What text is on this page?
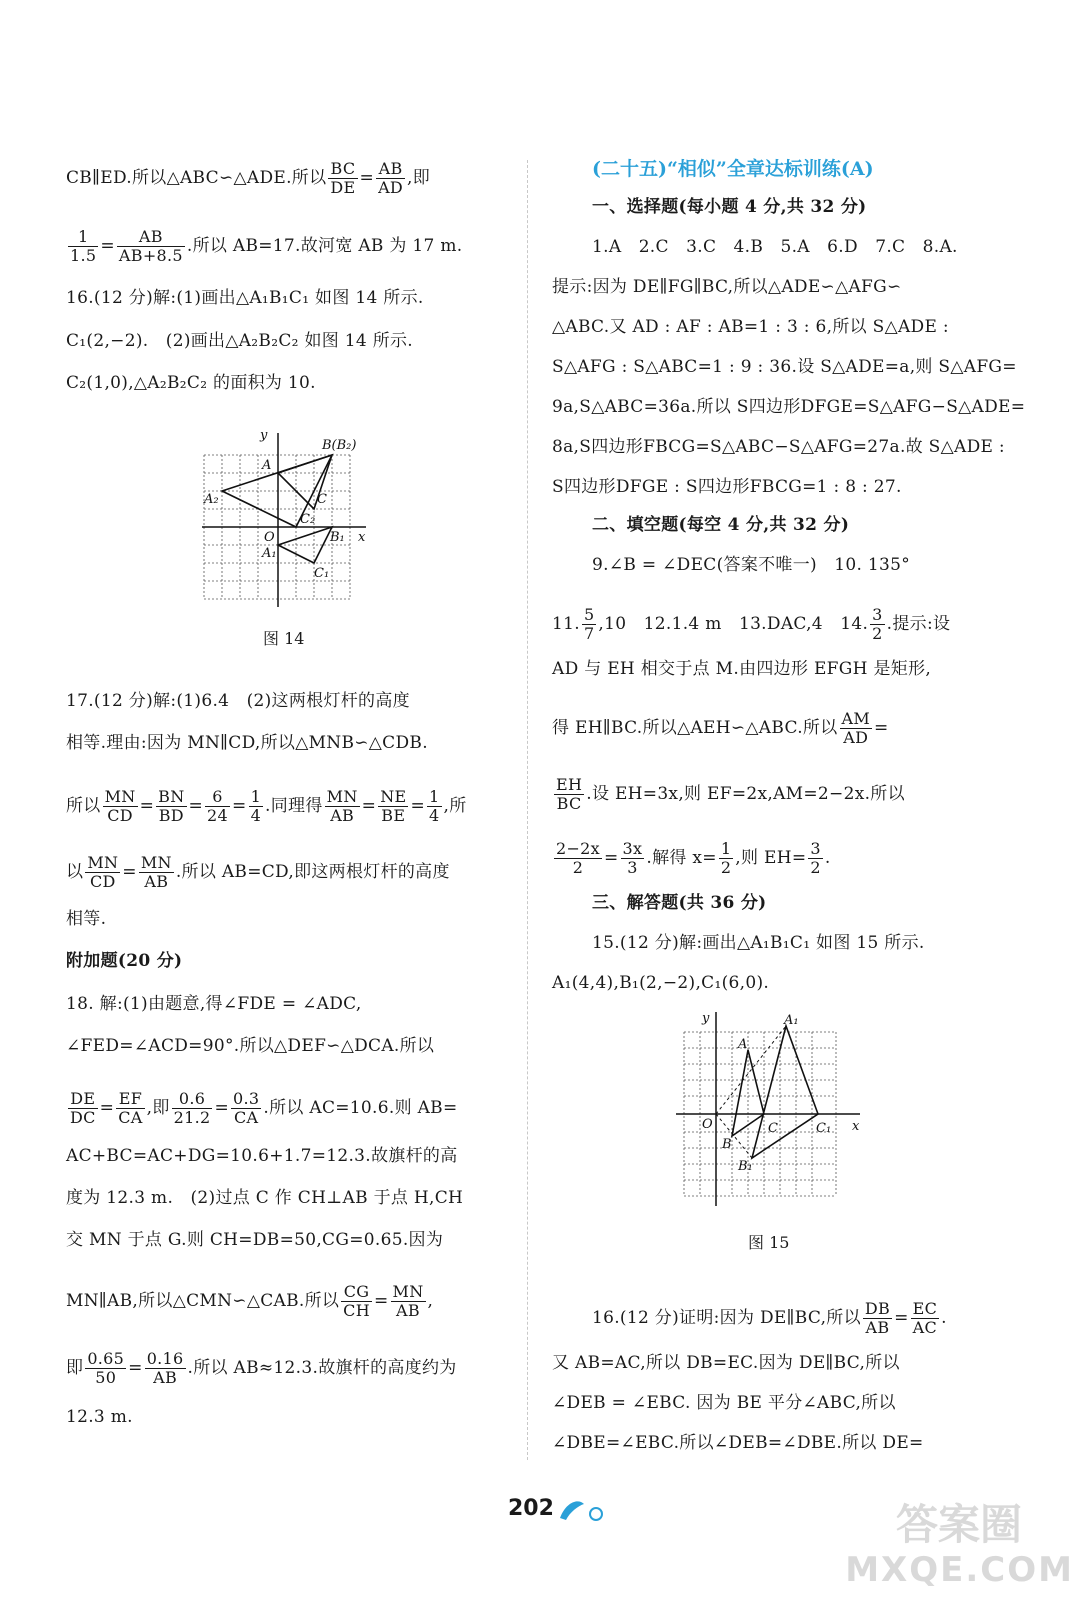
CB∥ED.所以△ABC∽△ADE.所以 $\frac{BC}{DE} = \frac{AB}{AD}$ ,即
$\frac{1}{1.5} = \frac{AB}{AB+8.5}$ .所以 AB=17.故河宽 AB 为 17 m.
16.(12 分)解:(1)画出△A₁B₁C₁ 如图 14 所示.
C₁(2,−2).　(2)画出△A₂B₂C₂ 如图 14 所示.
C₂(1,0),△A₂B₂C₂ 的面积为 10.
y
x
O
B(B₂)
A
A₂	C
C₂
A₁
B₁
C₁
图 14
17.(12 分)解:(1)6.4　(2)这两根灯杆的高度
相等.理由:因为 MN∥CD,所以△MNB∽△CDB.
所以 $\frac{MN}{CD} = \frac{BN}{BD} = \frac{6}{24} = \frac{1}{4}$ .同理得 $\frac{MN}{AB} = \frac{NE}{BE} = \frac{1}{4}$ ,所
以 $\frac{MN}{CD} = \frac{MN}{AB}$ .所以 AB=CD,即这两根灯杆的高度
相等.
附加题(20 分)
18. 解:(1)由题意,得∠FDE = ∠ADC,
∠FED=∠ACD=90°.所以△DEF∽△DCA.所以
$\frac{DE}{DC} = \frac{EF}{CA}$ ,即 $\frac{0.6}{21.2} = \frac{0.3}{CA}$ .所以 AC=10.6.则 AB=
AC+BC=AC+DG=10.6+1.7=12.3.故旗杆的高
度为 12.3 m.　(2)过点 C 作 CH⊥AB 于点 H,CH
交 MN 于点 G.则 CH=DB=50,CG=0.65.因为
MN∥AB,所以△CMN∽△CAB.所以 $\frac{CG}{CH} = \frac{MN}{AB}$ ,
即 $\frac{0.65}{50} = \frac{0.16}{AB}$ .所以 AB≈12.3.故旗杆的高度约为
12.3 m.
(二十五)“相似”全章达标训练(A)
一、选择题(每小题 4 分,共 32 分)
1.A　2.C　3.C　4.B　5.A　6.D　7.C　8.A.
提示:因为 DE∥FG∥BC,所以△ADE∽△AFG∽
△ABC.又 AD : AF : AB=1 : 3 : 6,所以 S△ADE :
S△AFG : S△ABC=1 : 9 : 36.设 S△ADE=a,则 S△AFG=
9a,S△ABC=36a.所以 S四边形DFGE=S△AFG−S△ADE=
8a,S四边形FBCG=S△ABC−S△AFG=27a.故 S△ADE :
S四边形DFGE : S四边形FBCG=1 : 8 : 27.
二、填空题(每空 4 分,共 32 分)
9.∠B = ∠DEC(答案不唯一)　10. 135°
11. $\frac{5}{7} ,10$　12.1.4 m　13.DAC,4　14. $\frac{3}{2}$ .提示:设
AD 与 EH 相交于点 M.由四边形 EFGH 是矩形,
得 EH∥BC.所以△AEH∽△ABC.所以 $\frac{AM}{AD}$ =
$\frac{EH}{BC}$ .设 EH=3x,则 EF=2x,AM=2−2x.所以
$\frac{2-2x}{2} = \frac{3x}{3}$ .解得 $x= \frac{1}{2}$ ,则 $EH= \frac{3}{2}$ .
三、解答题(共 36 分)
15.(12 分)解:画出△A₁B₁C₁ 如图 15 所示.
A₁(4,4),B₁(2,−2),C₁(6,0).
y
x
O
A₁
A
B
C	C₁
B₁
图 15
16.(12 分)证明:因为 DE∥BC,所以 $\frac{DB}{AB} = \frac{EC}{AC}$ .
又 AB=AC,所以 DB=EC.因为 DE∥BC,所以
∠DEB = ∠EBC. 因为 BE 平分∠ABC,所以
∠DBE=∠EBC.所以∠DEB=∠DBE.所以 DE=
202	答案圈
MXQE.COM
